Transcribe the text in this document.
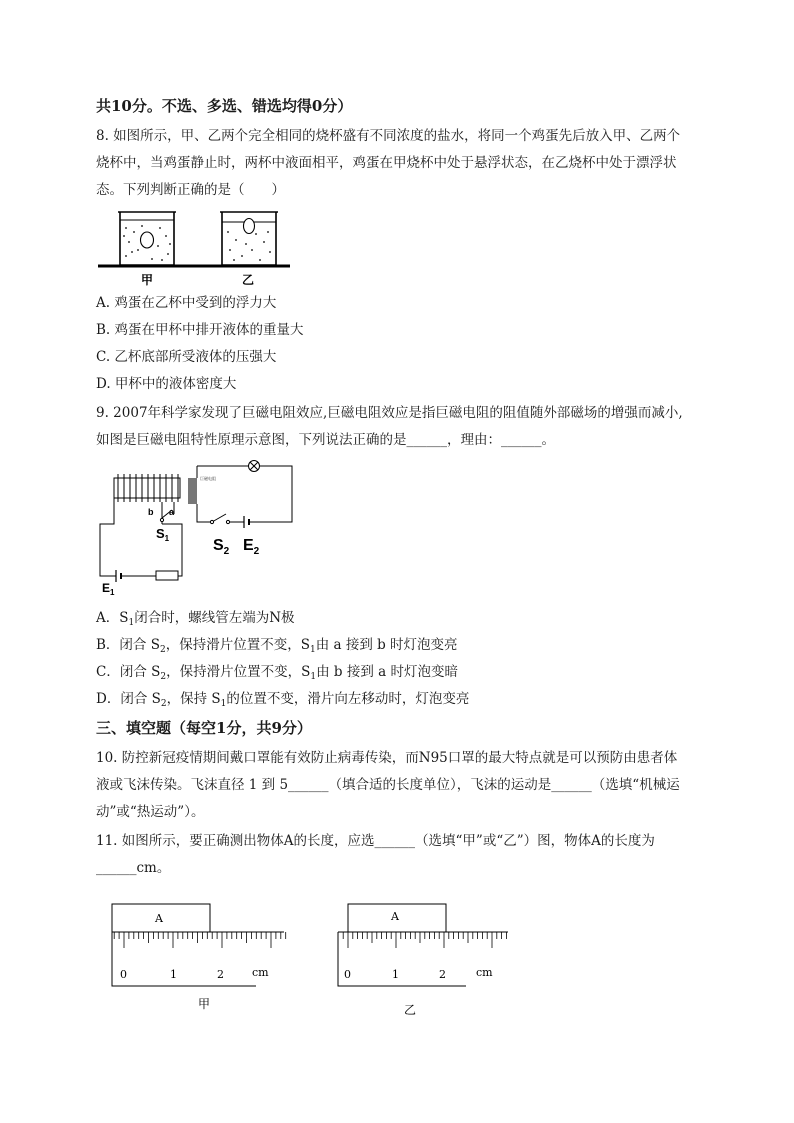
共10分。不选、多选、错选均得0分）
8. 如图所示，甲、乙两个完全相同的烧杯盛有不同浓度的盐水，将同一个鸡蛋先后放入甲、乙两个
烧杯中，当鸡蛋静止时，两杯中液面相平，鸡蛋在甲烧杯中处于悬浮状态，在乙烧杯中处于漂浮状
态。下列判断正确的是（　　）
甲	乙
A. 鸡蛋在乙杯中受到的浮力大
B. 鸡蛋在甲杯中排开液体的重量大
C. 乙杯底部所受液体的压强大
D. 甲杯中的液体密度大
9. 2007年科学家发现了巨磁电阻效应,巨磁电阻效应是指巨磁电阻的阻值随外部磁场的增强而减小,
如图是巨磁电阻特性原理示意图，下列说法正确的是______，理由：______。
巨磁电阻
b a
$S_1$	$S_2$ $E_2$
$E_1$
A．$S_1$闭合时，螺线管左端为N极
B．闭合 $S_2$，保持滑片位置不变，$S_1$由 a 接到 b 时灯泡变亮
C．闭合 $S_2$，保持滑片位置不变，$S_1$由 b 接到 a 时灯泡变暗
D．闭合 $S_2$，保持 $S_1$的位置不变，滑片向左移动时，灯泡变亮
三、填空题（每空1分，共9分）
10. 防控新冠疫情期间戴口罩能有效防止病毒传染，而N95口罩的最大特点就是可以预防由患者体
液或飞沫传染。飞沫直径 1 到 5______（填合适的长度单位），飞沫的运动是______（选填“机械运
动”或“热运动”）。
11. 如图所示，要正确测出物体A的长度，应选______（选填“甲”或“乙”）图，物体A的长度为
______cm。
A
0	1	2	cm
甲
A
0	1	2	cm
乙
